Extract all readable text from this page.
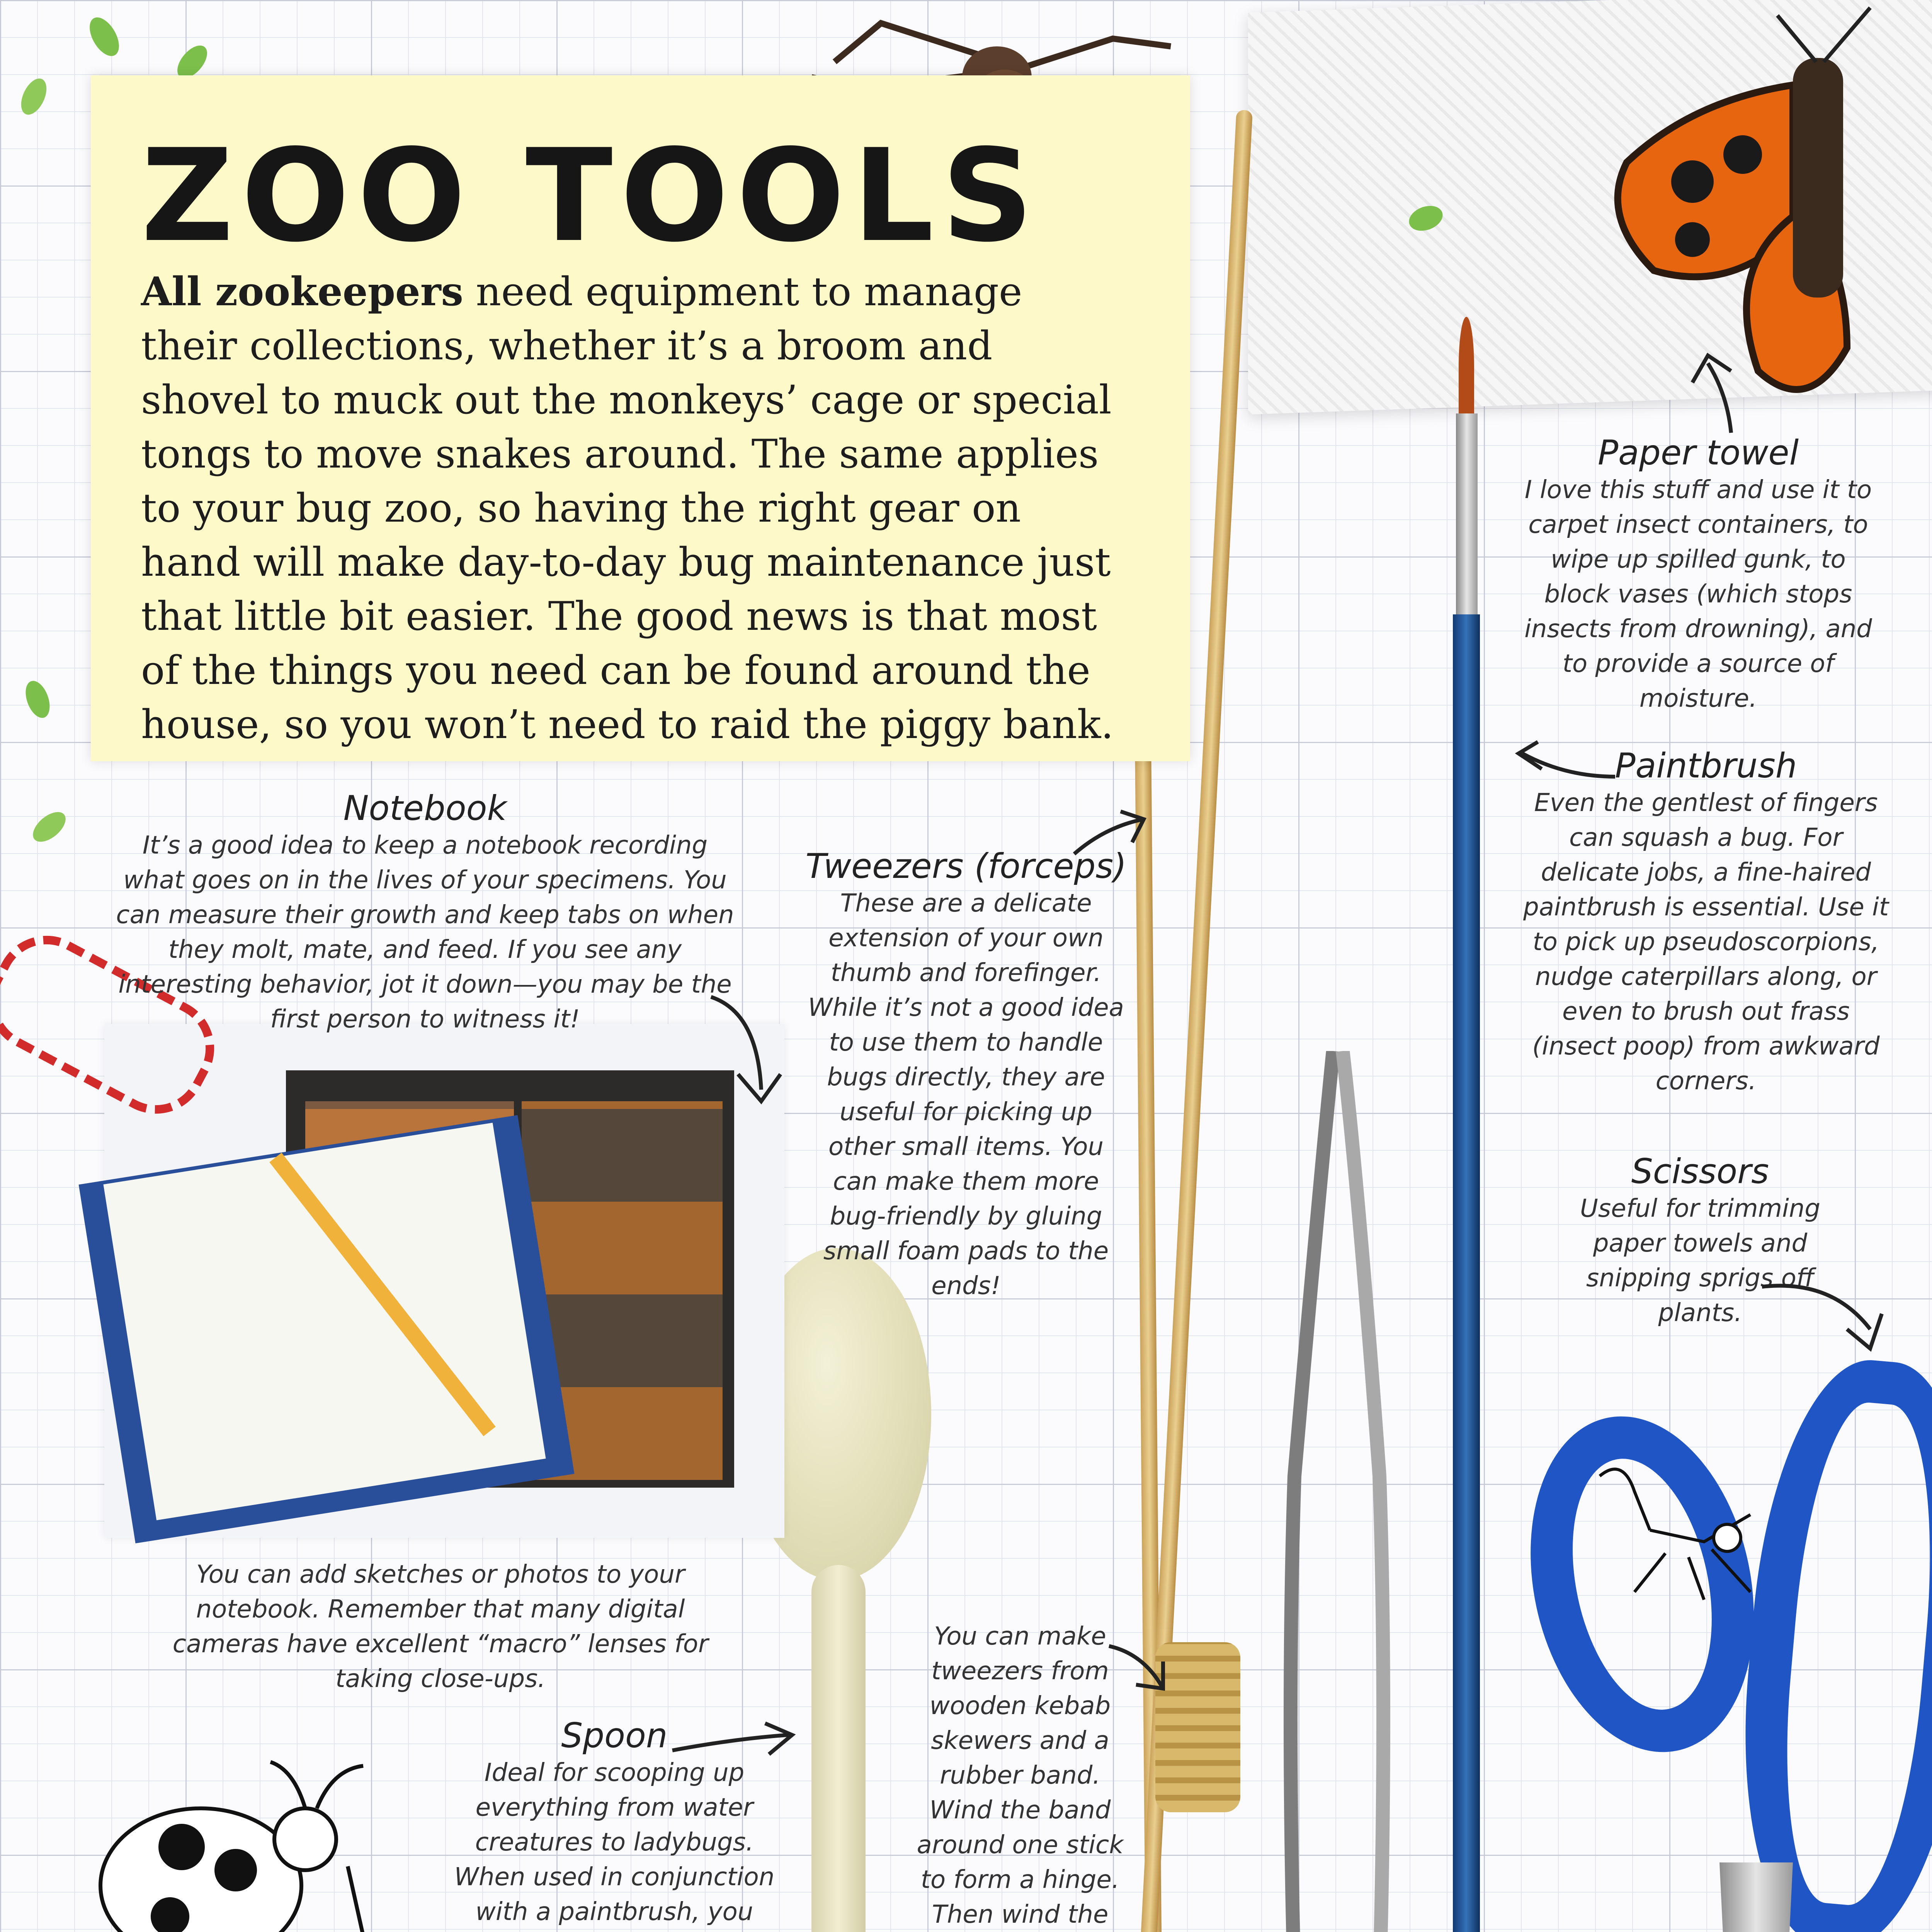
ZOO TOOLS
All zookeepers need equipment to manage their collections, whether it’s a broom and shovel to muck out the monkeys’ cage or special tongs to move snakes around. The same applies to your bug zoo, so having the right gear on hand will make day-to-day bug maintenance just that little bit easier. The good news is that most of the things you need can be found around the house, so you won’t need to raid the piggy bank.
Paper towel
I love this stuff and use it to carpet insect containers, to wipe up spilled gunk, to block vases (which stops insects from drowning), and to provide a source of moisture.
Paintbrush
Even the gentlest of fingers can squash a bug. For delicate jobs, a fine-haired paintbrush is essential. Use it to pick up pseudoscorpions, nudge caterpillars along, or even to brush out frass (insect poop) from awkward corners.
Notebook
It’s a good idea to keep a notebook recording what goes on in the lives of your specimens. You can measure their growth and keep tabs on when they molt, mate, and feed. If you see any interesting behavior, jot it down—you may be the first person to witness it!
Tweezers (forceps)
These are a delicate extension of your own thumb and forefinger. While it’s not a good idea to use them to handle bugs directly, they are useful for picking up other small items. You can make them more bug-friendly by gluing small foam pads to the ends!
Scissors
Useful for trimming paper towels and snipping sprigs off plants.
You can add sketches or photos to your notebook. Remember that many digital cameras have excellent “macro” lenses for taking close-ups.
You can make tweezers from wooden kebab skewers and a rubber band. Wind the band around one stick to form a hinge. Then wind the
Spoon
Ideal for scooping up everything from water creatures to ladybugs. When used in conjunction with a paintbrush, you
